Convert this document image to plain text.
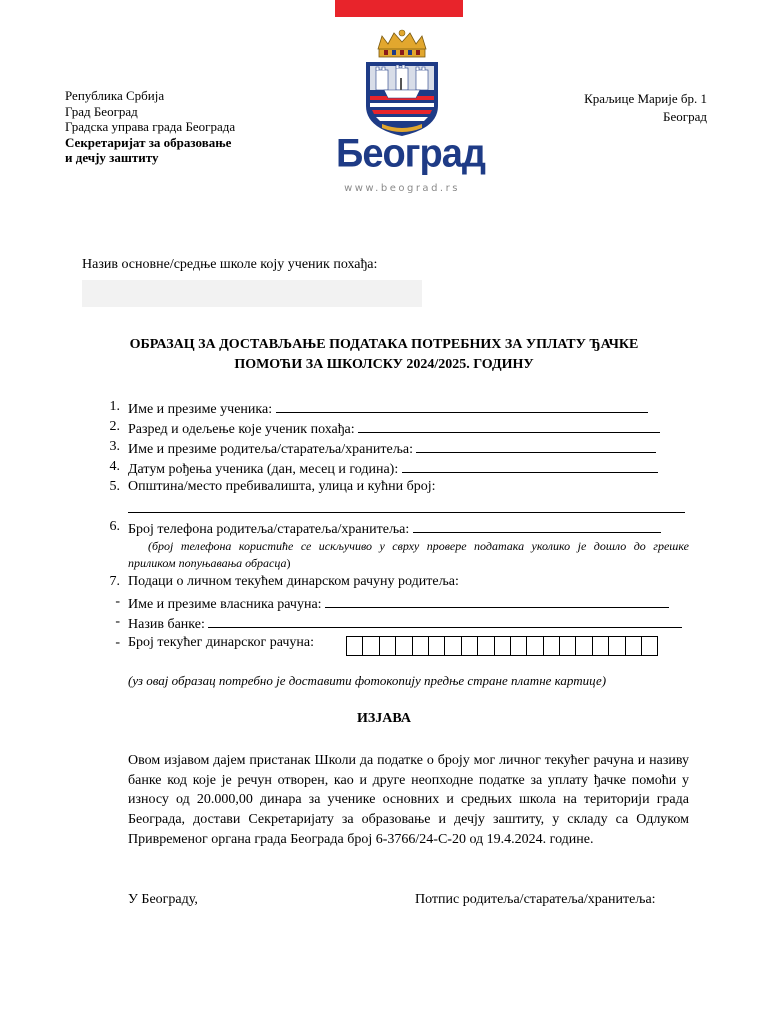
Република Србија
Град Београд
Градска управа града Београда
Секретаријат за образовање
и дечју заштиту	Београд
www.beograd.rs
Краљице Марије бр. 1
Београд
Назив основне/средње школе коју ученик похађа:
ОБРАЗАЦ ЗА ДОСТАВЉАЊЕ ПОДАТАКА ПОТРЕБНИХ ЗА УПЛАТУ ЂАЧКЕ
ПОМОЋИ ЗА ШКОЛСКУ 2024/2025. ГОДИНУ
1. Име и презиме ученика:
2. Разред и одељење које ученик похађа:
3. Име и презиме родитеља/старатеља/хранитеља:
4. Датум рођења ученика (дан, месец и година):
5. Општина/место пребивалишта, улица и кућни број:
6. Број телефона родитеља/старатеља/хранитеља:
(број телефона користиће се искључиво у сврху провере података уколико је дошло до грешке
приликом попуњавања обрасца)
7. Подаци о личном текућем динарском рачуну родитеља:
- Име и презиме власника рачуна:
- Назив банке:
- Број текућег динарског рачуна:
(уз овај образац потребно је доставити фотокопију предње стране платне картице)
ИЗЈАВА
Овом изјавом дајем пристанак Школи да податке о броју мог личног текућег рачуна и називу банке код које је речун отворен, као и друге неопходне податке за уплату ђачке помоћи у износу од 20.000,00 динара за ученике основних и средњих школа на територији града Београда, достави Секретаријату за образовање и дечју заштиту, у складу са Одлуком Привременог органа града Београда број 6-3766/24-С-20 од 19.4.2024. године.
У Београду,	Потпис родитеља/старатеља/хранитеља:
